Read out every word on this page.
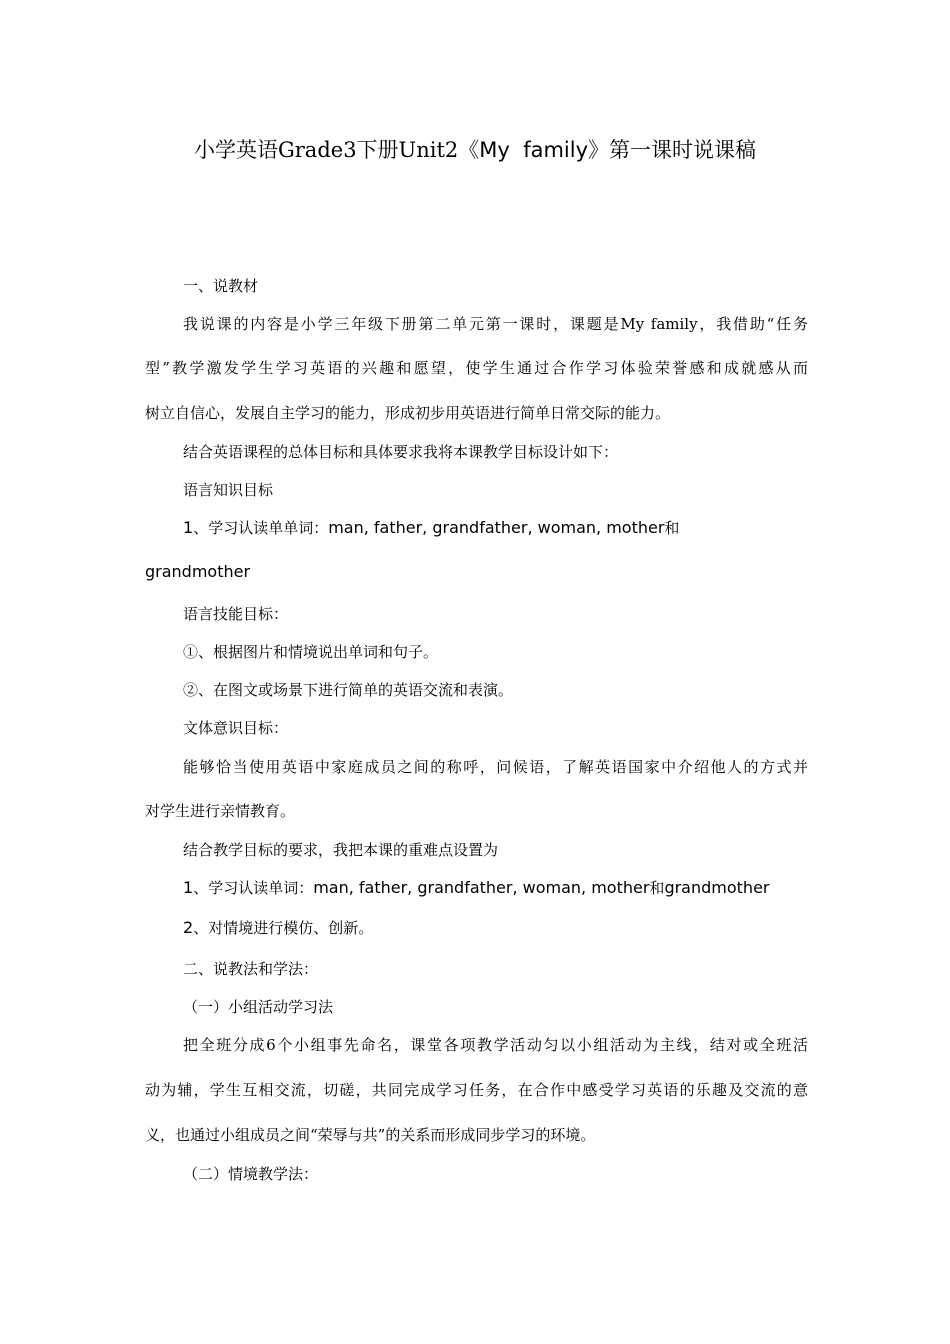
小学英语Grade3下册Unit2《My  family》第一课时说课稿
一、说教材
我说课的内容是小学三年级下册第二单元第一课时，课题是My family，我借助“任务
型”教学激发学生学习英语的兴趣和愿望，使学生通过合作学习体验荣誉感和成就感从而
树立自信心，发展自主学习的能力，形成初步用英语进行简单日常交际的能力。
结合英语课程的总体目标和具体要求我将本课教学目标设计如下：
语言知识目标
1、学习认读单单词：man, father, grandfather, woman, mother和
grandmother
语言技能目标：
①、根据图片和情境说出单词和句子。
②、在图文或场景下进行简单的英语交流和表演。
文体意识目标：
能够恰当使用英语中家庭成员之间的称呼，问候语，了解英语国家中介绍他人的方式并
对学生进行亲情教育。
结合教学目标的要求，我把本课的重难点设置为
1、学习认读单词：man, father, grandfather, woman, mother和grandmother
2、对情境进行模仿、创新。
二、说教法和学法：
（一）小组活动学习法
把全班分成6个小组事先命名，课堂各项教学活动匀以小组活动为主线，结对或全班活
动为辅，学生互相交流，切磋，共同完成学习任务，在合作中感受学习英语的乐趣及交流的意
义，也通过小组成员之间“荣辱与共”的关系而形成同步学习的环境。
（二）情境教学法：
